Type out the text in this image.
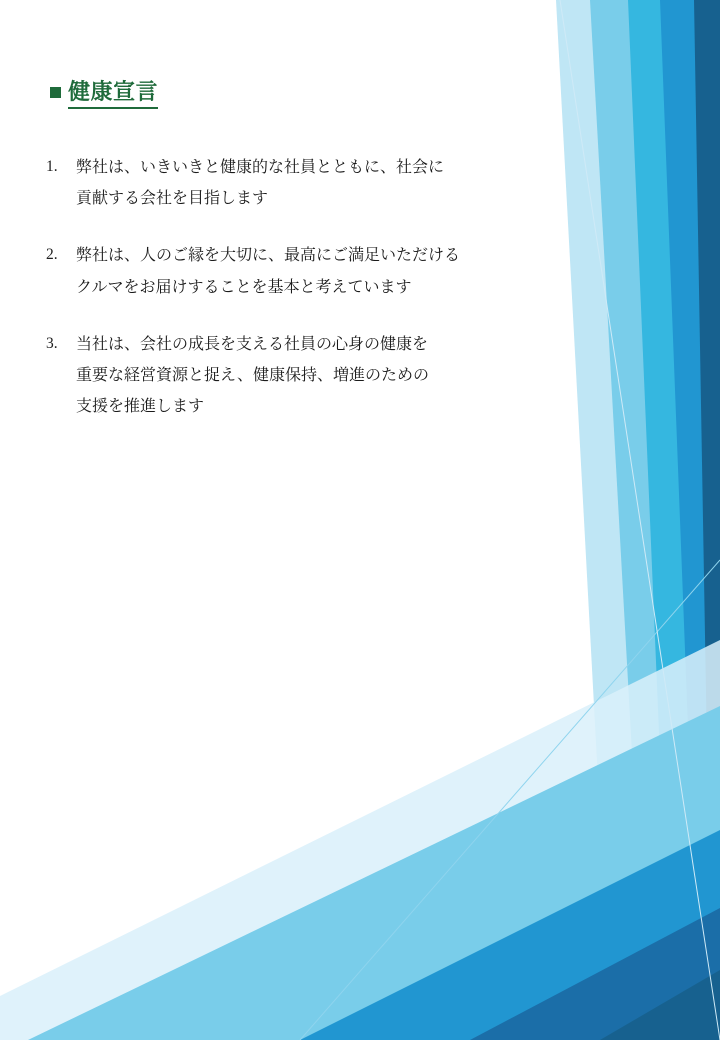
健康宣言
1.	弊社は、いきいきと健康的な社員とともに、社会に
貢献する会社を目指します
2.	弊社は、人のご縁を大切に、最高にご満足いただける
クルマをお届けすることを基本と考えています
3.	当社は、会社の成長を支える社員の心身の健康を
重要な経営資源と捉え、健康保持、増進のための
支援を推進します
